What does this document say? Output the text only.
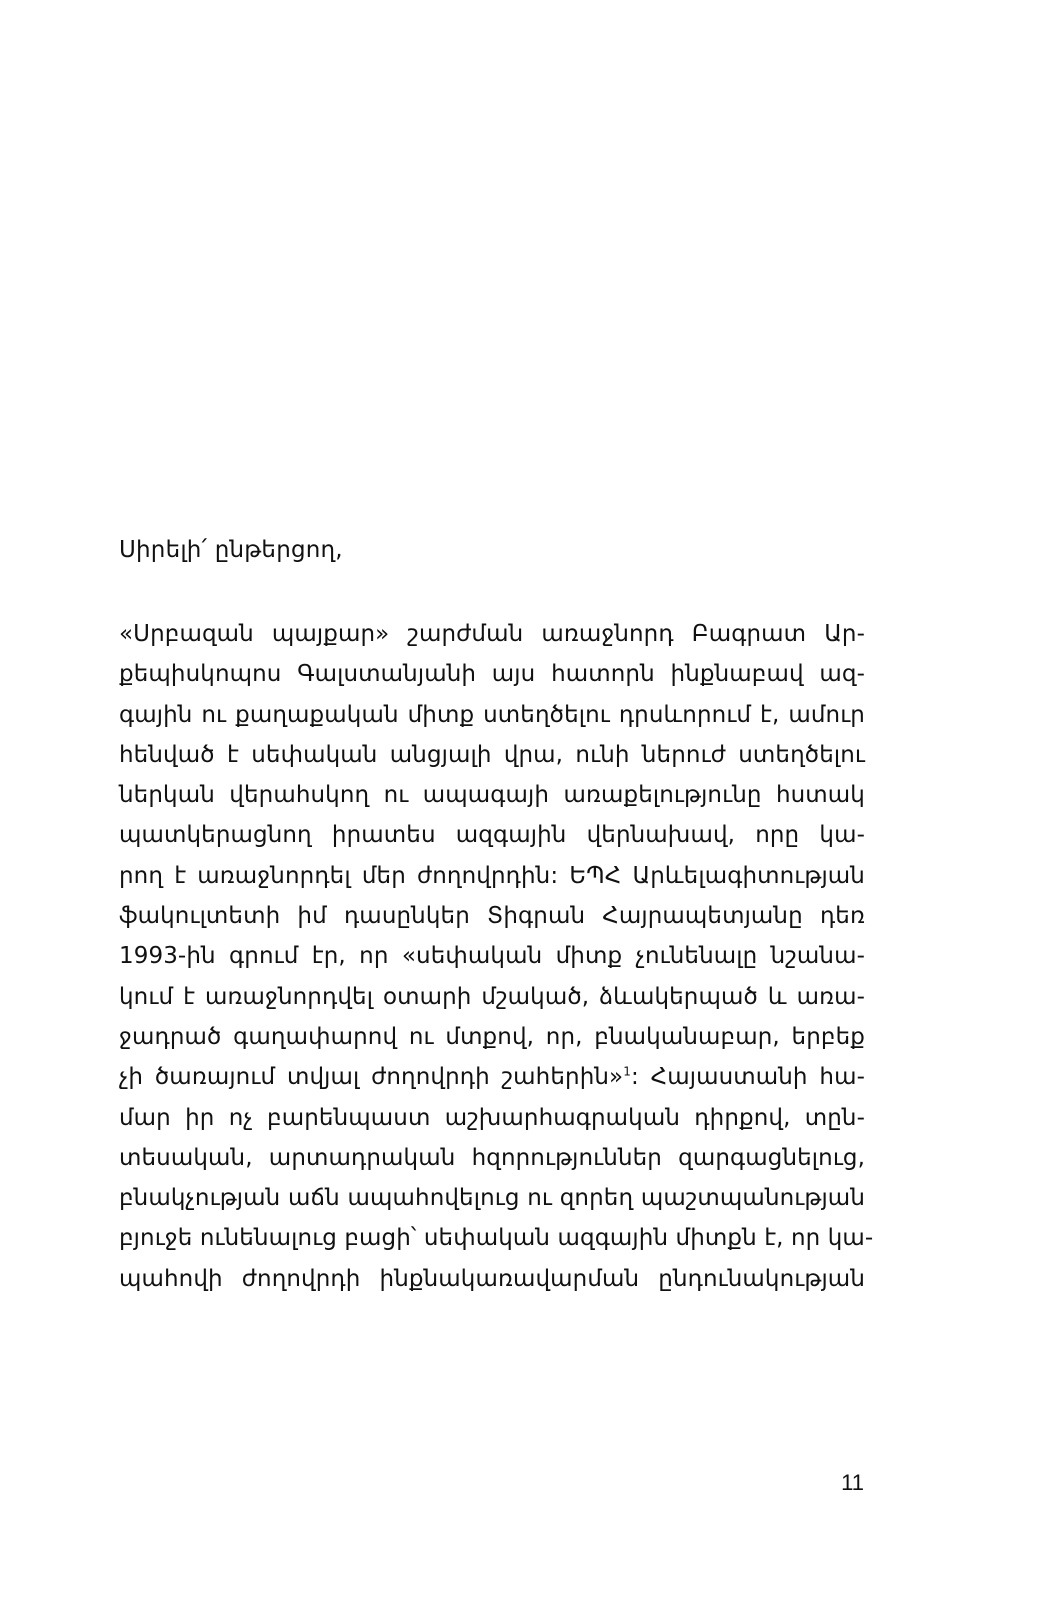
Սիրելի՛ ընթերցող,
«Սրբազան պայքար» շարժման առաջնորդ Բագրատ Ար-
քեպիսկոպոս Գալստանյանի այս հատորն ինքնաբավ ազ-
գային ու քաղաքական միտք ստեղծելու դրսևորում է, ամուր
հենված է սեփական անցյալի վրա, ունի ներուժ ստեղծելու
ներկան վերահսկող ու ապագայի առաքելությունը հստակ
պատկերացնող իրատես ազգային վերնախավ, որը կա-
րող է առաջնորդել մեր ժողովրդին: ԵՊՀ Արևելագիտության
ֆակուլտետի իմ դասընկեր Տիգրան Հայրապետյանը դեռ
1993-ին գրում էր, որ «սեփական միտք չունենալը նշանա-
կում է առաջնորդվել օտարի մշակած, ձևակերպած և առա-
ջադրած գաղափարով ու մտքով, որ, բնականաբար, երբեք
չի ծառայում տվյալ ժողովրդի շահերին»$^1$: Հայաստանի հա-
մար իր ոչ բարենպաստ աշխարհագրական դիրքով, տըն-
տեսական, արտադրական հզորություններ զարգացնելուց,
բնակչության աճն ապահովելուց ու զորեղ պաշտպանության
բյուջե ունենալուց բացի՝ սեփական ազգային միտքն է, որ կա-
պահովի ժողովրդի ինքնակառավարման ընդունակության
11
